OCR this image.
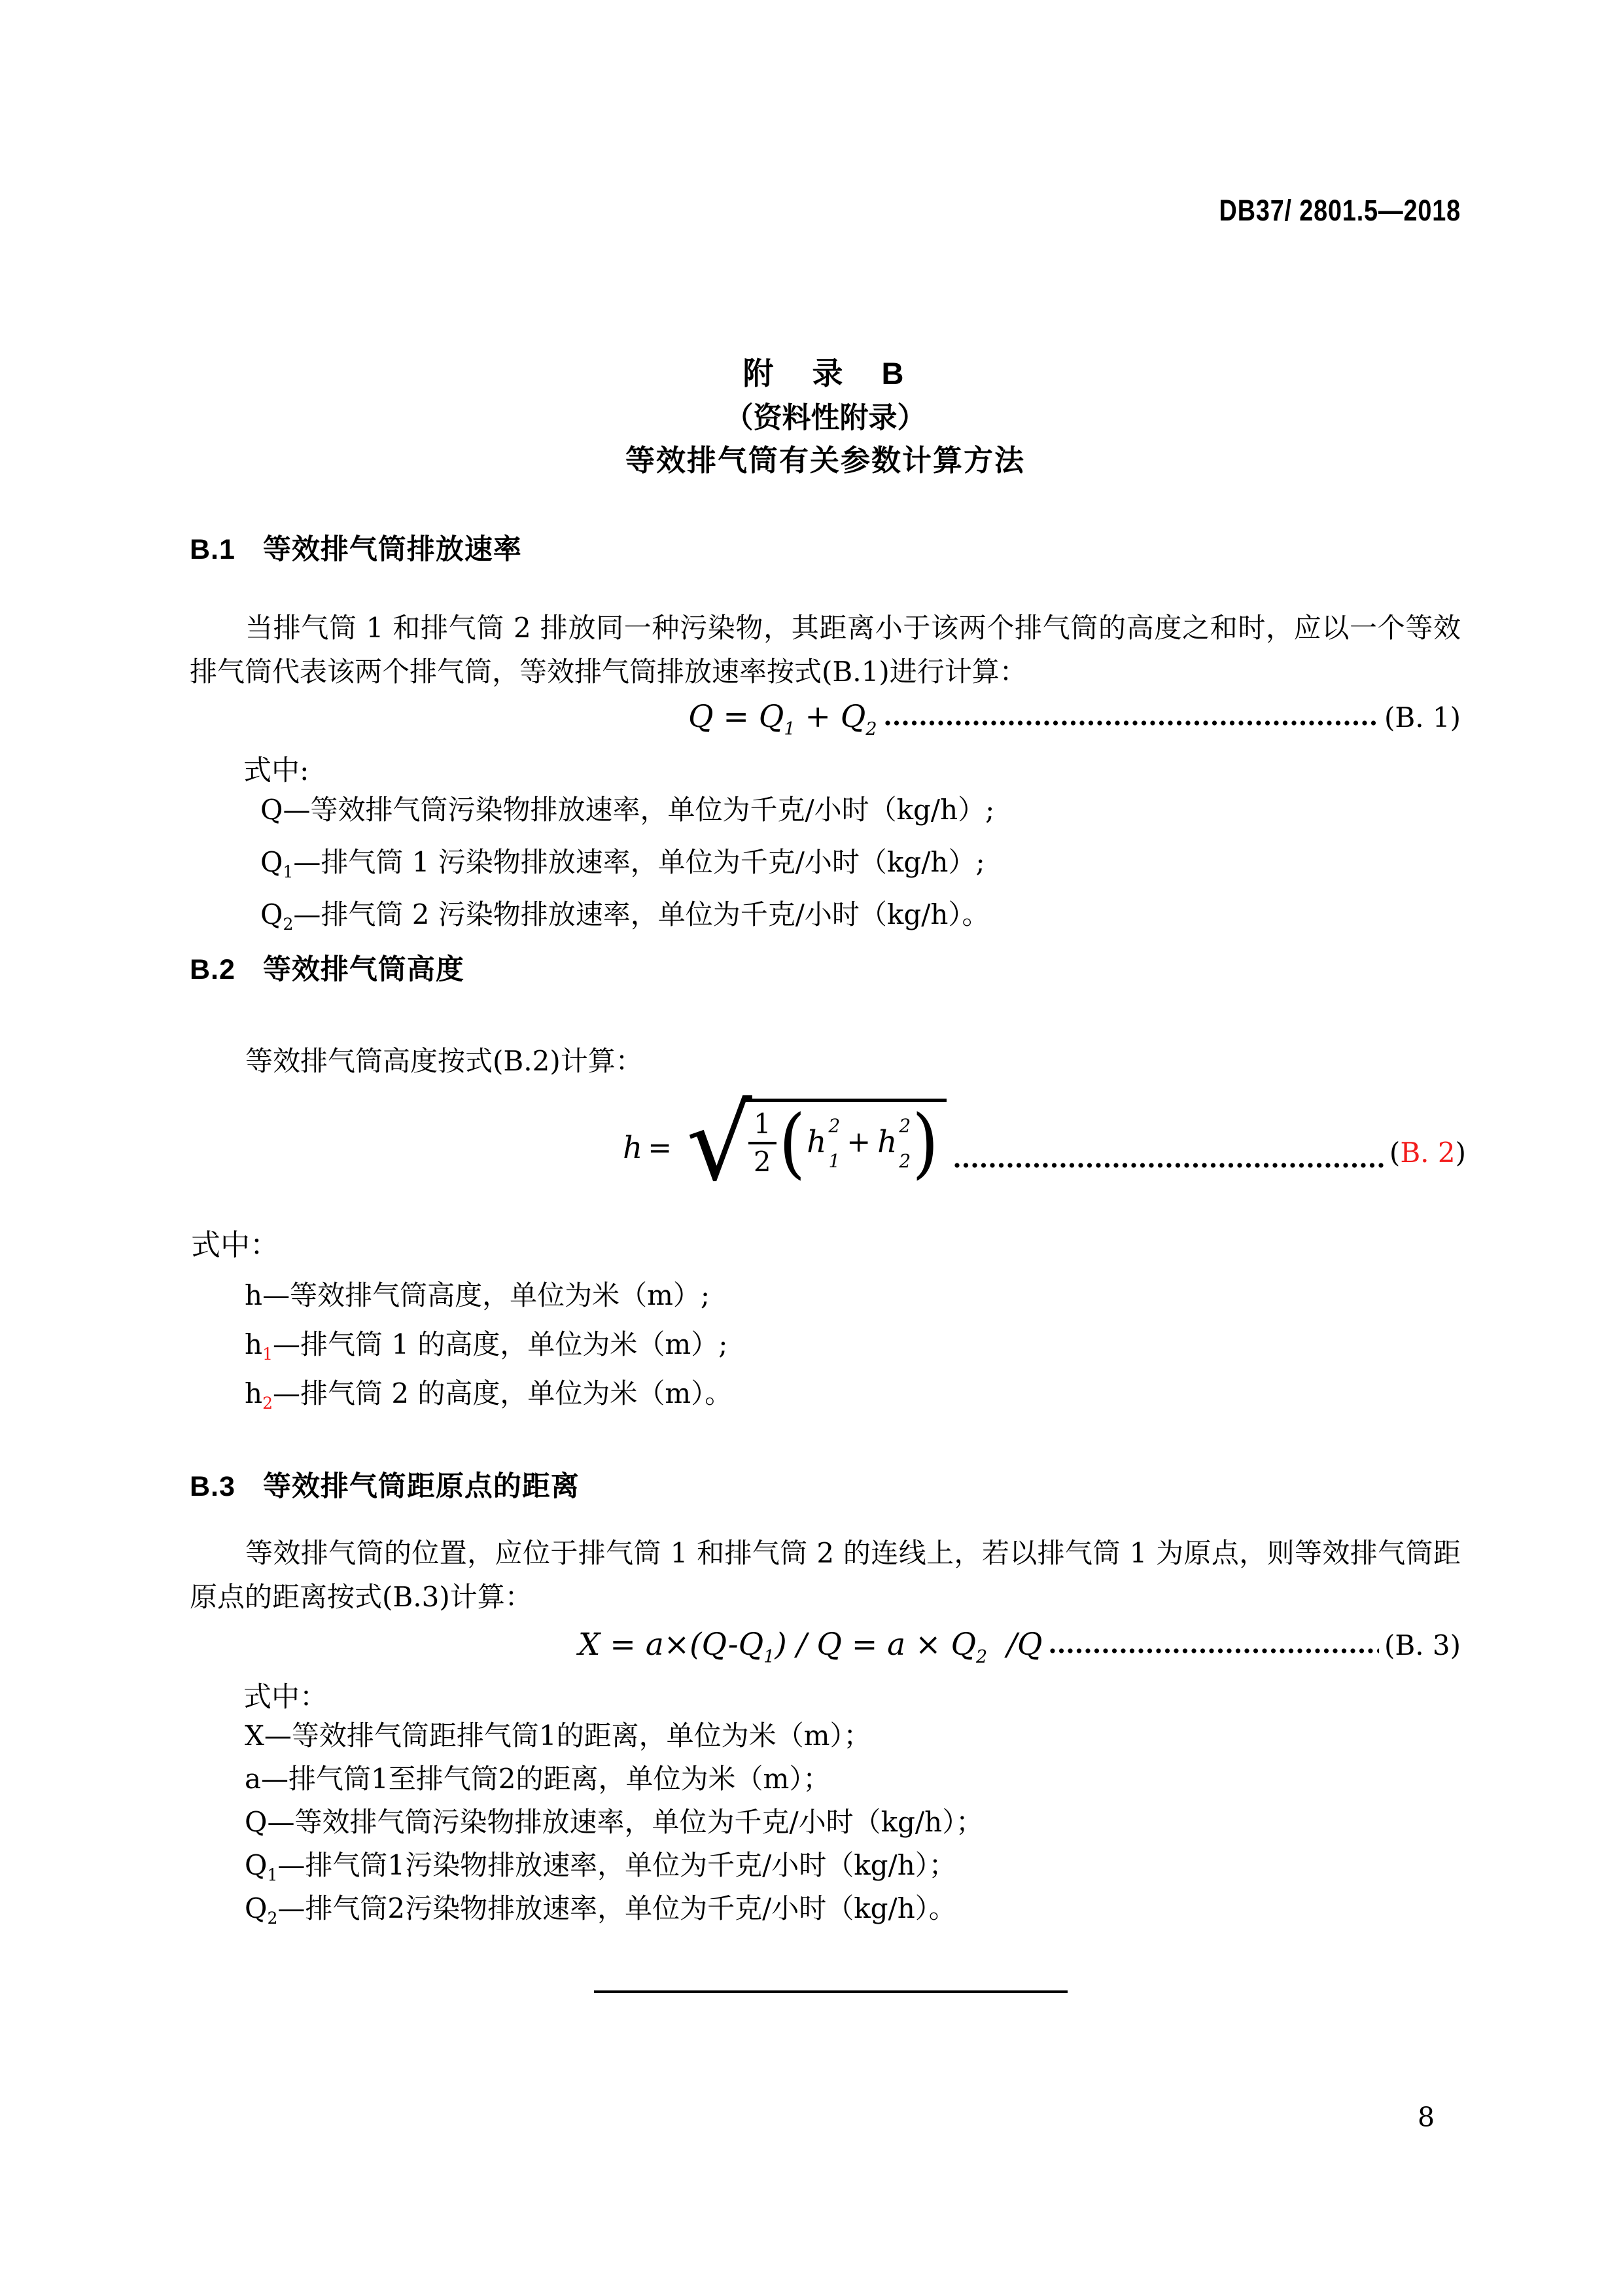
DB37/ 2801.5—2018
附　录　B
（资料性附录）
等效排气筒有关参数计算方法
B.1 等效排气筒排放速率
当排气筒 1 和排气筒 2 排放同一种污染物，其距离小于该两个排气筒的高度之和时，应以一个等效排气筒代表该两个排气筒，等效排气筒排放速率按式(B.1)进行计算：
$Q = Q_1 + Q_2$	(B. 1)
式中:
Q—等效排气筒污染物排放速率，单位为千克/小时（kg/h）;
$Q_1—$排气筒 1 污染物排放速率，单位为千克/小时（kg/h）;
$Q_2—$排气筒 2 污染物排放速率，单位为千克/小时（kg/h）。
B.2 等效排气筒高度
等效排气筒高度按式(B.2)计算：
h = √
$\frac{1}{2}$ ( h 2
1
+ h 2
2 )	(B. 2)
式中：
h—等效排气筒高度，单位为米（m）;
$h_1—$排气筒 1 的高度，单位为米（m）;
$h_2—$排气筒 2 的高度，单位为米（m）。
B.3 等效排气筒距原点的距离
等效排气筒的位置，应位于排气筒 1 和排气筒 2 的连线上，若以排气筒 1 为原点，则等效排气筒距原点的距离按式(B.3)计算：
$X = a\times(Q-Q_1) / Q = a \times Q_2$  /Q	(B. 3)
式中：
X—等效排气筒距排气筒1的距离，单位为米（m）；
a—排气筒1至排气筒2的距离，单位为米（m）；
Q—等效排气筒污染物排放速率，单位为千克/小时（kg/h）；
$Q_1—$排气筒1污染物排放速率，单位为千克/小时（kg/h）；
$Q_2—$排气筒2污染物排放速率，单位为千克/小时（kg/h）。
8
